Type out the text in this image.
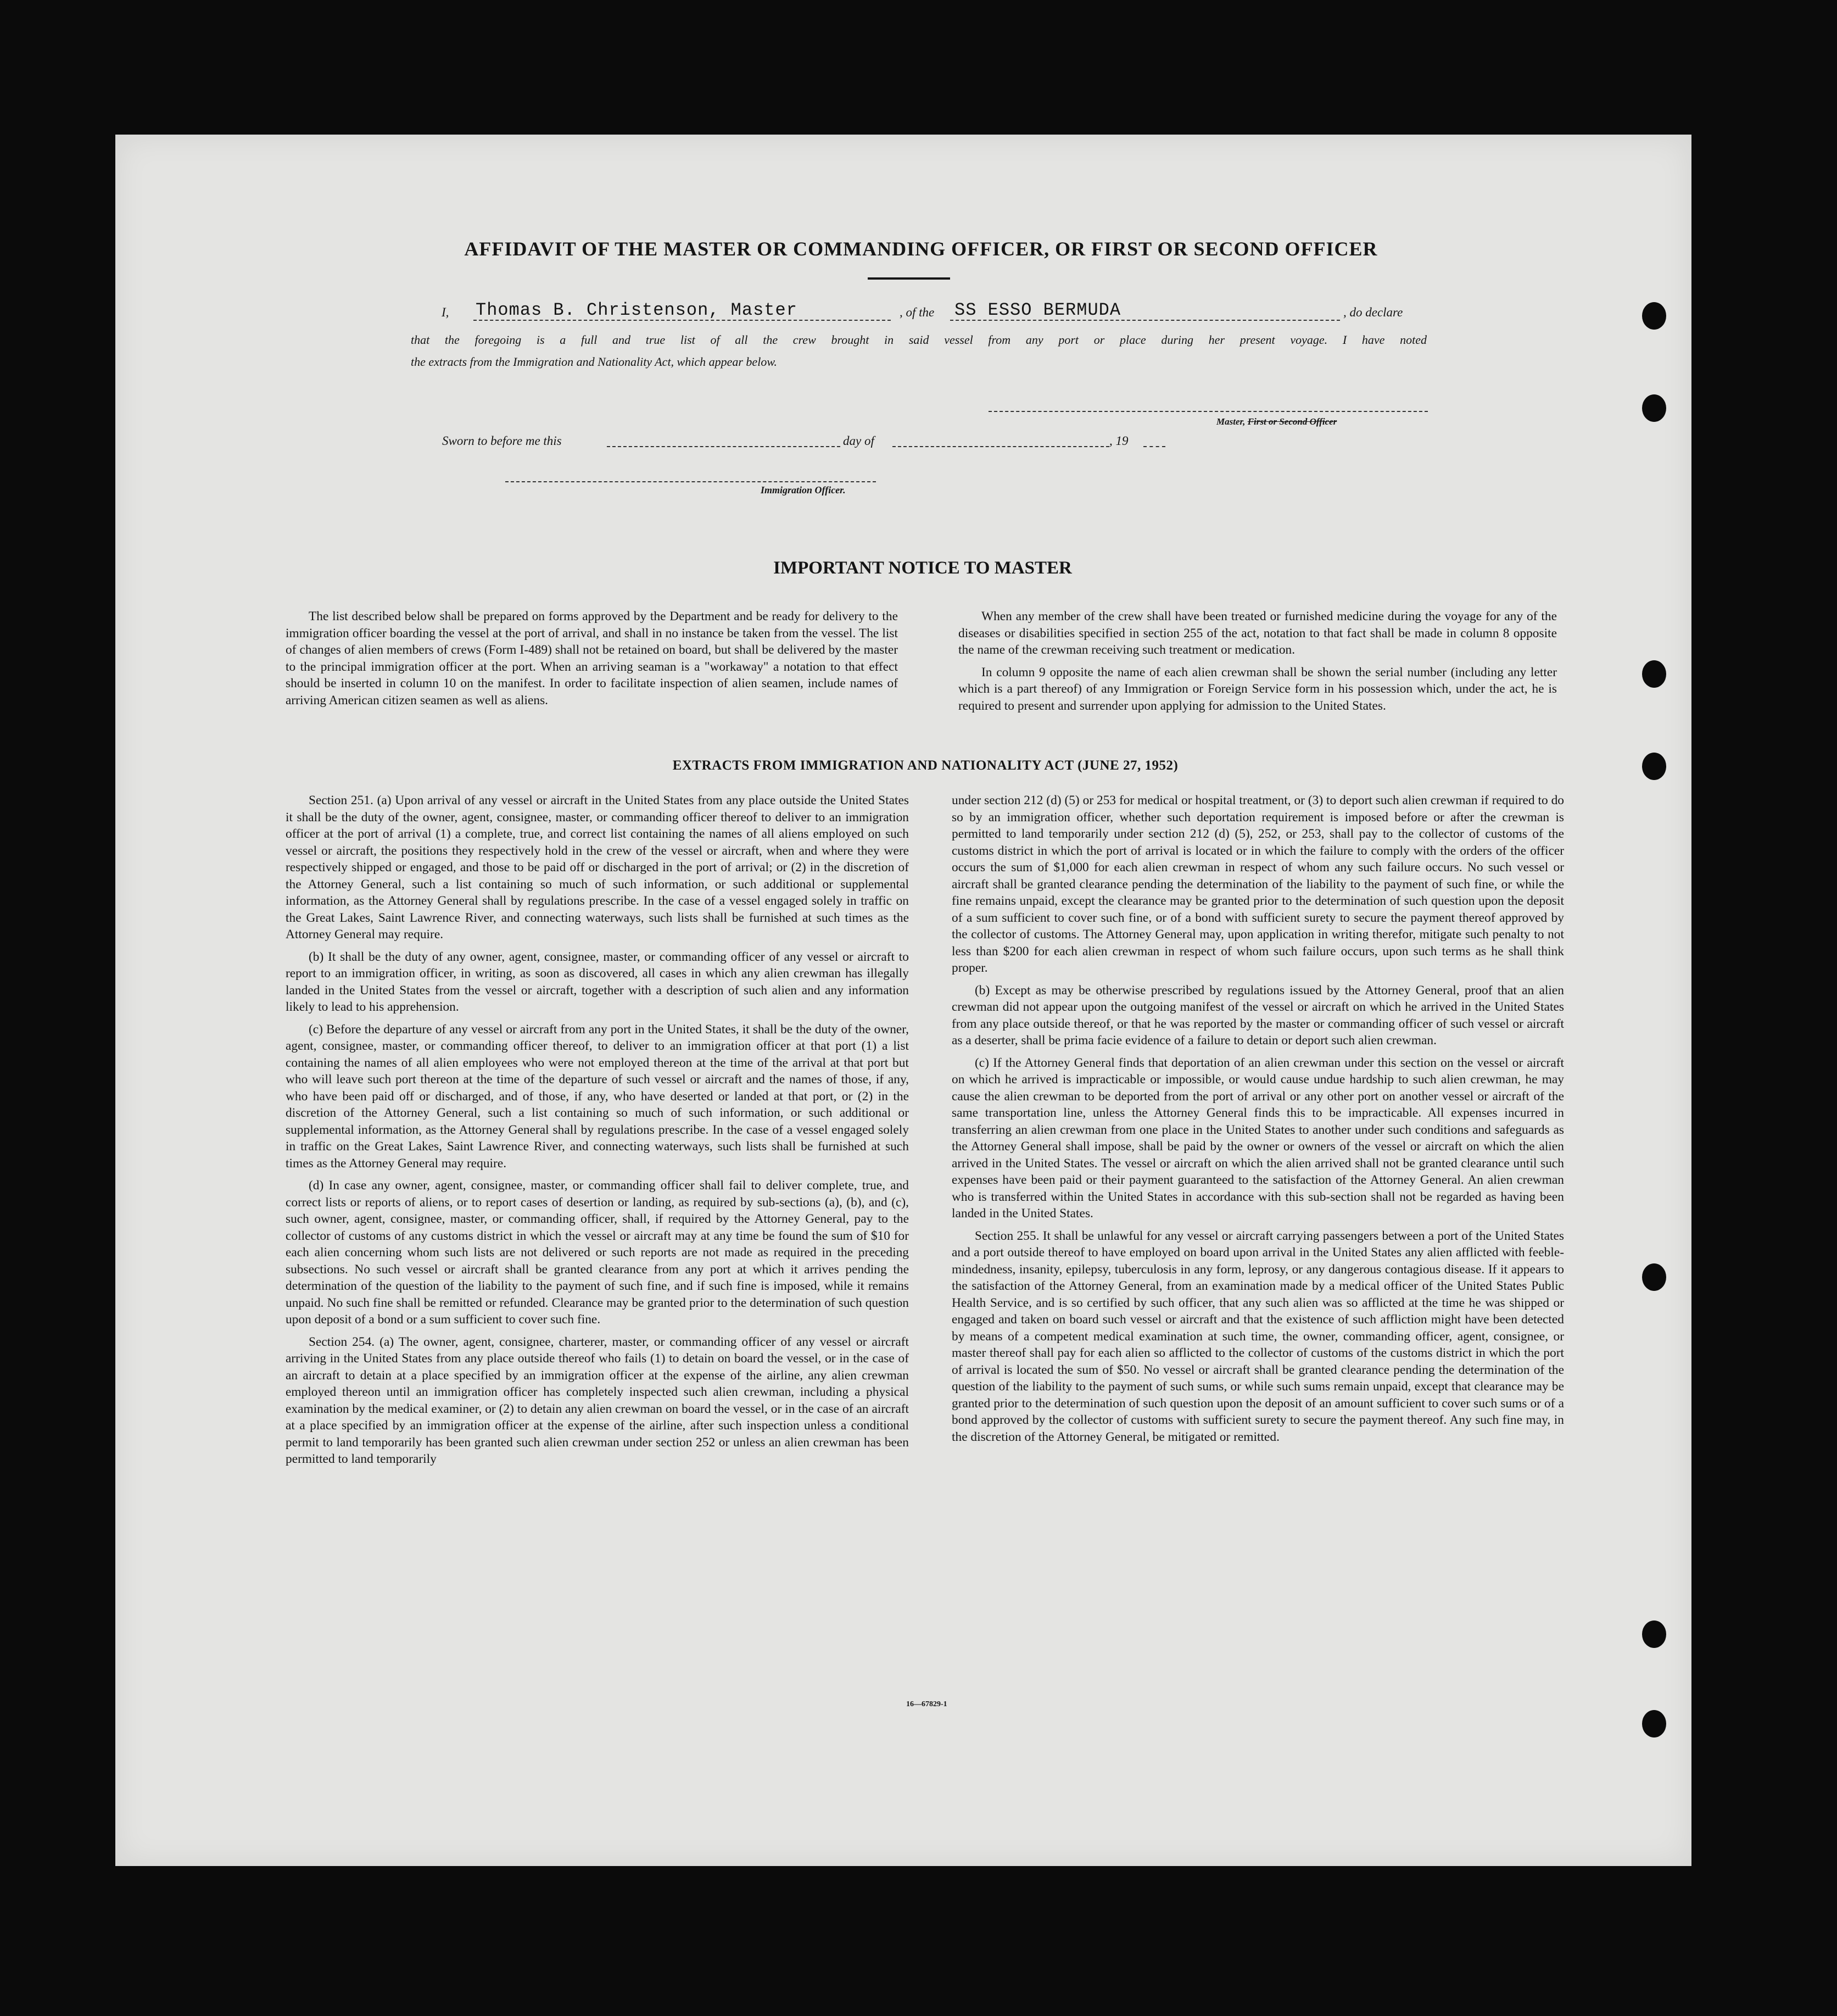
AFFIDAVIT OF THE MASTER OR COMMANDING OFFICER, OR FIRST OR SECOND OFFICER
I, Thomas B. Christenson, Master	, of the SS ESSO BERMUDA	, do declare
that the foregoing is a full and true list of all the crew brought in said vessel from any port or place during her present voyage. I have noted
the extracts from the Immigration and Nationality Act, which appear below.
Master, First or Second Officer
Sworn to before me this	day of	, 19
Immigration Officer.
IMPORTANT NOTICE TO MASTER

The list described below shall be prepared on forms approved by the Department and be ready for delivery to the immigration officer boarding the vessel at the port of arrival, and shall in no instance be taken from the vessel. The list of changes of alien members of crews (Form I-489) shall not be retained on board, but shall be delivered by the master to the principal immigration officer at the port. When an arriving seaman is a "workaway" a notation to that effect should be inserted in column 10 on the manifest. In order to facilitate inspection of alien seamen, include names of arriving American citizen seamen as well as aliens.

When any member of the crew shall have been treated or furnished medicine during the voyage for any of the diseases or disabilities specified in section 255 of the act, notation to that fact shall be made in column 8 opposite the name of the crewman receiving such treatment or medication.

In column 9 opposite the name of each alien crewman shall be shown the serial number (including any letter which is a part thereof) of any Immigration or Foreign Service form in his possession which, under the act, he is required to present and surrender upon applying for admission to the United States.

EXTRACTS FROM IMMIGRATION AND NATIONALITY ACT (JUNE 27, 1952)

Section 251. (a) Upon arrival of any vessel or aircraft in the United States from any place outside the United States it shall be the duty of the owner, agent, consignee, master, or commanding officer thereof to deliver to an immigration officer at the port of arrival (1) a complete, true, and correct list containing the names of all aliens employed on such vessel or aircraft, the positions they respectively hold in the crew of the vessel or aircraft, when and where they were respectively shipped or engaged, and those to be paid off or discharged in the port of arrival; or (2) in the discretion of the Attorney General, such a list containing so much of such information, or such additional or supplemental information, as the Attorney General shall by regulations prescribe. In the case of a vessel engaged solely in traffic on the Great Lakes, Saint Lawrence River, and connecting waterways, such lists shall be furnished at such times as the Attorney General may require.

(b) It shall be the duty of any owner, agent, consignee, master, or commanding officer of any vessel or aircraft to report to an immigration officer, in writing, as soon as discovered, all cases in which any alien crewman has illegally landed in the United States from the vessel or aircraft, together with a description of such alien and any information likely to lead to his apprehension.

(c) Before the departure of any vessel or aircraft from any port in the United States, it shall be the duty of the owner, agent, consignee, master, or commanding officer thereof, to deliver to an immigration officer at that port (1) a list containing the names of all alien employees who were not employed thereon at the time of the arrival at that port but who will leave such port thereon at the time of the departure of such vessel or aircraft and the names of those, if any, who have been paid off or discharged, and of those, if any, who have deserted or landed at that port, or (2) in the discretion of the Attorney General, such a list containing so much of such information, or such additional or supplemental information, as the Attorney General shall by regulations prescribe. In the case of a vessel engaged solely in traffic on the Great Lakes, Saint Lawrence River, and connecting waterways, such lists shall be furnished at such times as the Attorney General may require.

(d) In case any owner, agent, consignee, master, or commanding officer shall fail to deliver complete, true, and correct lists or reports of aliens, or to report cases of desertion or landing, as required by sub-sections (a), (b), and (c), such owner, agent, consignee, master, or commanding officer, shall, if required by the Attorney General, pay to the collector of customs of any customs district in which the vessel or aircraft may at any time be found the sum of $10 for each alien concerning whom such lists are not delivered or such reports are not made as required in the preceding subsections. No such vessel or aircraft shall be granted clearance from any port at which it arrives pending the determination of the question of the liability to the payment of such fine, and if such fine is imposed, while it remains unpaid. No such fine shall be remitted or refunded. Clearance may be granted prior to the determination of such question upon deposit of a bond or a sum sufficient to cover such fine.

Section 254. (a) The owner, agent, consignee, charterer, master, or commanding officer of any vessel or aircraft arriving in the United States from any place outside thereof who fails (1) to detain on board the vessel, or in the case of an aircraft to detain at a place specified by an immigration officer at the expense of the airline, any alien crewman employed thereon until an immigration officer has completely inspected such alien crewman, including a physical examination by the medical examiner, or (2) to detain any alien crewman on board the vessel, or in the case of an aircraft at a place specified by an immigration officer at the expense of the airline, after such inspection unless a conditional permit to land temporarily has been granted such alien crewman under section 252 or unless an alien crewman has been permitted to land temporarily

under section 212 (d) (5) or 253 for medical or hospital treatment, or (3) to deport such alien crewman if required to do so by an immigration officer, whether such deportation requirement is imposed before or after the crewman is permitted to land temporarily under section 212 (d) (5), 252, or 253, shall pay to the collector of customs of the customs district in which the port of arrival is located or in which the failure to comply with the orders of the officer occurs the sum of $1,000 for each alien crewman in respect of whom any such failure occurs. No such vessel or aircraft shall be granted clearance pending the determination of the liability to the payment of such fine, or while the fine remains unpaid, except the clearance may be granted prior to the determination of such question upon the deposit of a sum sufficient to cover such fine, or of a bond with sufficient surety to secure the payment thereof approved by the collector of customs. The Attorney General may, upon application in writing therefor, mitigate such penalty to not less than $200 for each alien crewman in respect of whom such failure occurs, upon such terms as he shall think proper.

(b) Except as may be otherwise prescribed by regulations issued by the Attorney General, proof that an alien crewman did not appear upon the outgoing manifest of the vessel or aircraft on which he arrived in the United States from any place outside thereof, or that he was reported by the master or commanding officer of such vessel or aircraft as a deserter, shall be prima facie evidence of a failure to detain or deport such alien crewman.

(c) If the Attorney General finds that deportation of an alien crewman under this section on the vessel or aircraft on which he arrived is impracticable or impossible, or would cause undue hardship to such alien crewman, he may cause the alien crewman to be deported from the port of arrival or any other port on another vessel or aircraft of the same transportation line, unless the Attorney General finds this to be impracticable. All expenses incurred in transferring an alien crewman from one place in the United States to another under such conditions and safeguards as the Attorney General shall impose, shall be paid by the owner or owners of the vessel or aircraft on which the alien arrived in the United States. The vessel or aircraft on which the alien arrived shall not be granted clearance until such expenses have been paid or their payment guaranteed to the satisfaction of the Attorney General. An alien crewman who is transferred within the United States in accordance with this sub-section shall not be regarded as having been landed in the United States.

Section 255. It shall be unlawful for any vessel or aircraft carrying passengers between a port of the United States and a port outside thereof to have employed on board upon arrival in the United States any alien afflicted with feeble-mindedness, insanity, epilepsy, tuberculosis in any form, leprosy, or any dangerous contagious disease. If it appears to the satisfaction of the Attorney General, from an examination made by a medical officer of the United States Public Health Service, and is so certified by such officer, that any such alien was so afflicted at the time he was shipped or engaged and taken on board such vessel or aircraft and that the existence of such affliction might have been detected by means of a competent medical examination at such time, the owner, commanding officer, agent, consignee, or master thereof shall pay for each alien so afflicted to the collector of customs of the customs district in which the port of arrival is located the sum of $50. No vessel or aircraft shall be granted clearance pending the determination of the question of the liability to the payment of such sums, or while such sums remain unpaid, except that clearance may be granted prior to the determination of such question upon the deposit of an amount sufficient to cover such sums or of a bond approved by the collector of customs with sufficient surety to secure the payment thereof. Any such fine may, in the discretion of the Attorney General, be mitigated or remitted.

16—67829-1
